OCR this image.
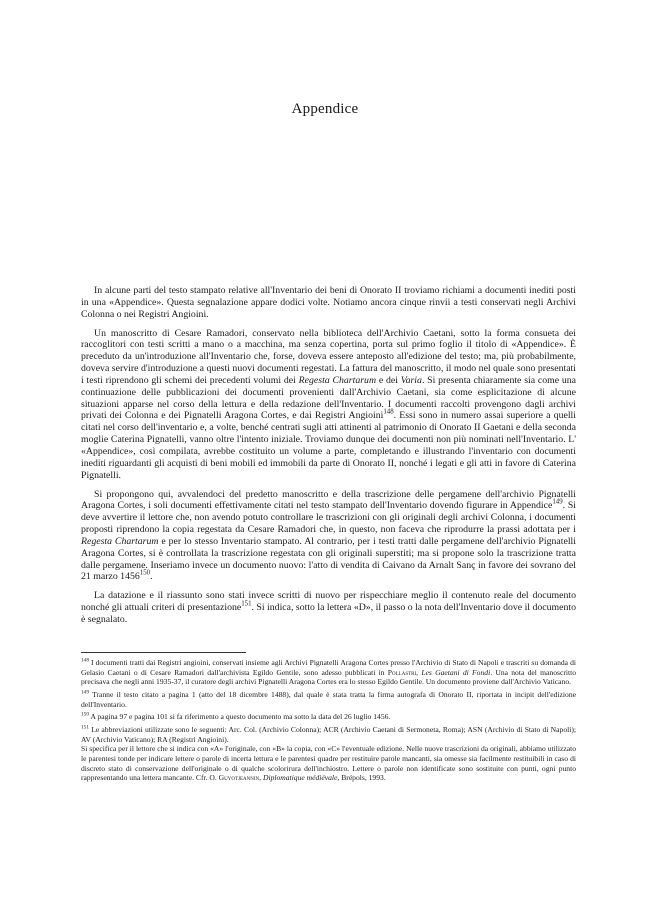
Appendice

In alcune parti del testo stampato relative all'Inventario dei beni di Onorato II troviamo richiami a documenti inediti posti in una «Appendice». Questa segnalazione appare dodici volte. Notiamo ancora cinque rinvii a testi conservati negli Archivi Colonna o nei Registri Angioini.

Un manoscritto di Cesare Ramadori, conservato nella biblioteca dell'Archivio Caetani, sotto la forma consueta dei raccoglitori con testi scritti a mano o a macchina, ma senza copertina, porta sul primo foglio il titolo di «Appendice». È preceduto da un'introduzione all'Inventario che, forse, doveva essere anteposto all'edizione del testo; ma, più probabilmente, doveva servire d'introduzione a questi nuovi documenti regestati. La fattura del manoscritto, il modo nel quale sono presentati i testi riprendono gli schemi dei precedenti volumi dei Regesta Chartarum e dei Varia. Si presenta chiaramente sia come una continuazione delle pubblicazioni dei documenti provenienti dall'Archivio Caetani, sia come esplicitazione di alcune situazioni apparse nel corso della lettura e della redazione dell'Inventario. I documenti raccolti provengono dagli archivi privati dei Colonna e dei Pignatelli Aragona Cortes, e dai Registri Angioini$^{148}$. Essi sono in numero assai superiore a quelli citati nel corso dell'inventario e, a volte, benché centrati sugli atti attinenti al patrimonio di Onorato II Gaetani e della seconda moglie Caterina Pignatelli, vanno oltre l'intento iniziale. Troviamo dunque dei documenti non più nominati nell'Inventario. L' «Appendice», così compilata, avrebbe costituito un volume a parte, completando e illustrando l'inventario con documenti inediti riguardanti gli acquisti di beni mobili ed immobili da parte di Onorato II, nonché i legati e gli atti in favore di Caterina Pignatelli.

Si propongono qui, avvalendoci del predetto manoscritto e della trascrizione delle pergamene dell'archivio Pignatelli Aragona Cortes, i soli documenti effettivamente citati nel testo stampato dell'Inventario dovendo figurare in Appendice$^{149}$. Si deve avvertire il lettore che, non avendo potuto controllare le trascrizioni con gli originali degli archivi Colonna, i documenti proposti riprendono la copia regestata da Cesare Ramadori che, in questo, non faceva che riprodurre la prassi adottata per i Regesta Chartarum e per lo stesso Inventario stampato. Al contrario, per i testi tratti dalle pergamene dell'archivio Pignatelli Aragona Cortes, si è controllata la trascrizione regestata con gli originali superstiti; ma si propone solo la trascrizione tratta dalle pergamene. Inseriamo invece un documento nuovo: l'atto di vendita di Caivano da Arnalt Sanç in favore dei sovrano del 21 marzo 1456$^{150}$.

La datazione e il riassunto sono stati invece scritti di nuovo per rispecchiare meglio il contenuto reale del documento nonché gli attuali criteri di presentazione$^{151}$. Si indica, sotto la lettera «D», il passo o la nota dell'Inventario dove il documento è segnalato.

$^{148}$ I documenti tratti dai Registri angioini, conservati insieme agli Archivi Pignatelli Aragona Cortes presso l'Archivio di Stato di Napoli e trascriti su domanda di Gelasio Caetani o di Cesare Ramadori dall'archivista Egildo Gentile, sono adesso pubblicati in Pollastri, Les Gaetani di Fondi. Una nota del manoscritto precisava che negli anni 1935-37, il curatore degli archivi Pignatelli Aragona Cortes era lo stesso Egildo Gentile. Un documento proviene dall'Archivio Vaticano.

$^{149}$ Tranne il testo citato a pagina 1 (atto del 18 dicembre 1488), dal quale è stata tratta la firma autografa di Onorato II, riportata in incipit dell'edizione dell'Inventario.

$^{150}$ A pagina 97 e pagina 101 si fa riferimento a questo documento ma sotto la data del 26 luglio 1456.

$^{151}$ Le abbreviazioni utilizzate sono le seguenti: Arc. Col. (Archivio Colonna); ACR (Archivio Caetani di Sermoneta, Roma); ASN (Archivio di Stato di Napoli); AV (Archivio Vaticano); RA (Registri Angioini).

Si specifica per il lettore che si indica con «A» l'originale, con «B» la copia, con «C» l'eventuale edizione. Nelle nuove trascrizioni da originali, abbiamo utilizzato le parentesi tonde per indicare lettere o parole di incerta lettura e le parentesi quadre per restituire parole mancanti, sia omesse sia facilmente restituibili in caso di discreto stato di conservazione dell'originale o di qualche scolorirura dell'inchiostro. Lettere o parole non identificate sono sostituite con punti, ogni punto rappresentando una lettera mancante. Cfr. O. Guyotjeannin, Diplomatique médiévale, Brépols, 1993.
